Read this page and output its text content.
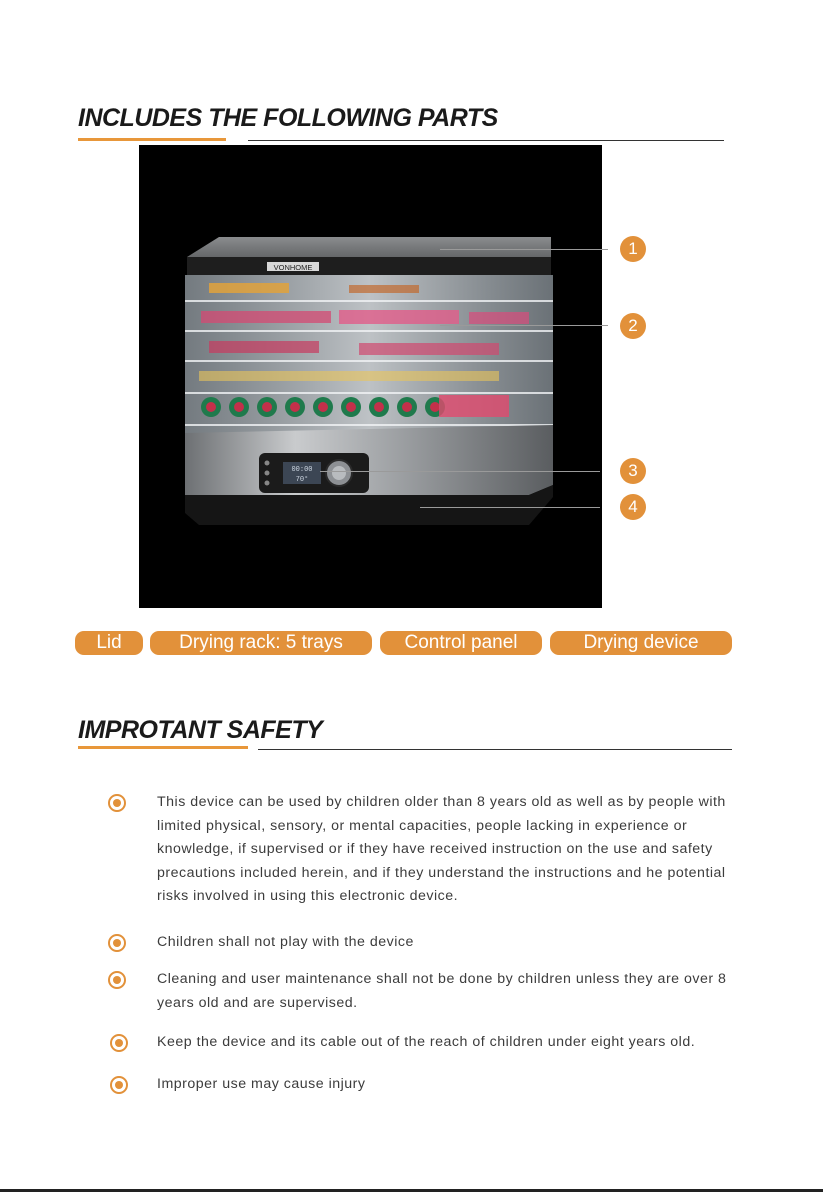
INCLUDES THE FOLLOWING PARTS
VONHOME
00:00
70°
1
2
3
4
Lid	Drying rack: 5 trays	Control panel	Drying device
IMPROTANT SAFETY
This device can be used by children older than 8 years old as well as by people with limited physical, sensory, or mental capacities, people lacking in experience or knowledge, if supervised or if they have received instruction on the use and safety precautions included herein, and if they understand the instructions and he potential risks involved in using this electronic device.
Children shall not play with the device
Cleaning and user maintenance shall not be done by children unless they are over 8 years old and are supervised.
Keep the device and its cable out of the reach of children under eight years old.
Improper use may cause injury
